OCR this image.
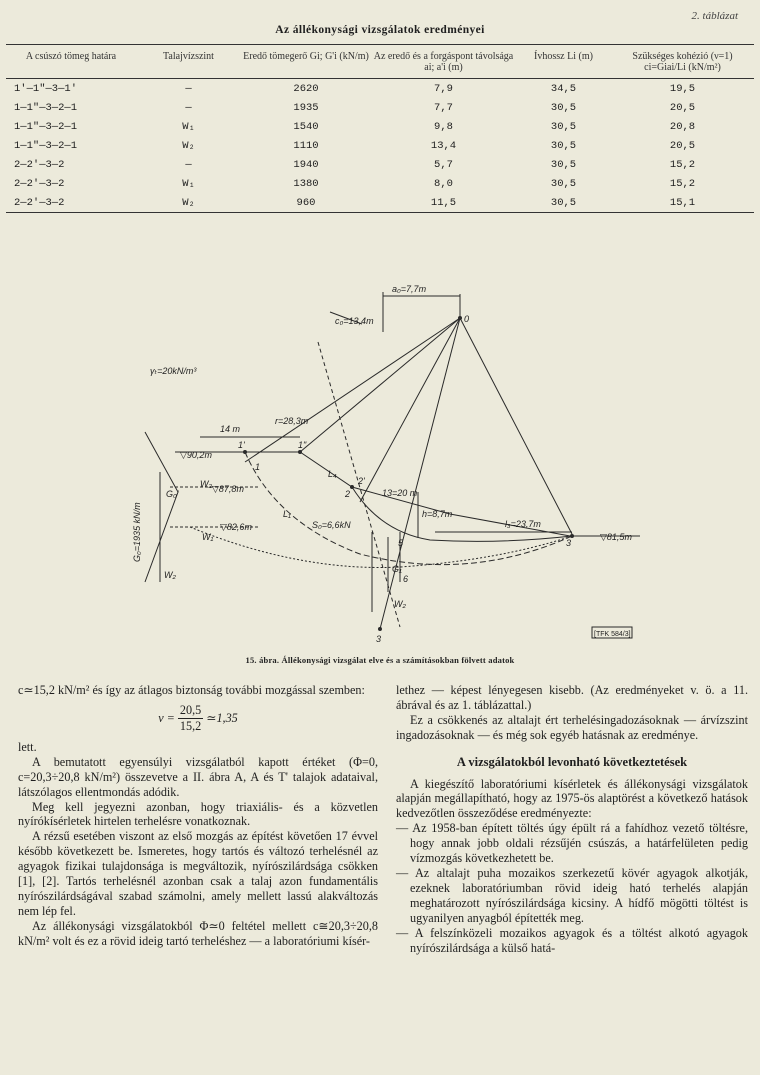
2. táblázat
Az állékonysági vizsgálatok eredményei
A csúszó tömeg határa	Talajvízszint	Eredő tömegerő Gi; G'i (kN/m)	Az eredő és a forgáspont távolsága ai; a'i (m)	Ívhossz Li (m)	Szükséges kohézió (ν=1) ci=Giai/Li (kN/m²)
1'—1"—3—1'	—	2620	7,9	34,5	19,5
1—1"—3—2—1	—	1935	7,7	30,5	20,5
1—1"—3—2—1	W₁	1540	9,8	30,5	20,8
1—1"—3—2—1	W₂	1110	13,4	30,5	20,5
2—2'—3—2	—	1940	5,7	30,5	15,2
2—2'—3—2	W₁	1380	8,0	30,5	15,2
2—2'—3—2	W₂	960	11,5	30,5	15,1
a₀=7,7m
c₀=13,4m
γₜ=20kN/m³
r=28,3m
14 m
▽90,2m
▽87,8m
▽82,6m
▽81,5m
h=8,7m
13=20 m
l₃=23,7m
S₀=6,6kN
L₁
L₄
1'	1"
1
2
2'
3
5
6
0
W₁
W₂
G₀'
G₁
W₂
3
W₂
G₀=1935 kN/m
[TFK 584/3]
15. ábra. Állékonysági vizsgálat elve és a számításokban fölvett adatok

c≃15,2 kN/m² és így az átlagos biztonság további mozgással szemben:

$\nu = \frac{20,5}{15,2}$ ≃1,35

lett.

A bemutatott egyensúlyi vizsgálatból kapott értéket (Φ=0, c=20,3÷20,8 kN/m²) összevetve a II. ábra A, A és T' talajok adataival, látszólagos ellentmondás adódik.

Meg kell jegyezni azonban, hogy triaxiális- és a közvetlen nyírókísérletek hirtelen terhelésre vonatkoznak.

A rézsű esetében viszont az első mozgás az építést követően 17 évvel később következett be. Ismeretes, hogy tartós és változó terhelésnél az agyagok fizikai tulajdonsága is megváltozik, nyírószilárdsága csökken [1], [2]. Tartós terhelésnél azonban csak a talaj azon fundamentális nyírószilárdságával szabad számolni, amely mellett lassú alakváltozás nem lép fel.

Az állékonysági vizsgálatokból Φ≃0 feltétel mellett c≅20,3÷20,8 kN/m² volt és ez a rövid ideig tartó terheléshez — a laboratóriumi kísér-

lethez — képest lényegesen kisebb. (Az eredményeket v. ö. a 11. ábrával és az 1. táblázattal.)

Ez a csökkenés az altalajt ért terhelésingadozásoknak — árvízszint ingadozásoknak — és még sok egyéb hatásnak az eredménye.

A vizsgálatokból levonható következtetések

A kiegészítő laboratóriumi kísérletek és állékonysági vizsgálatok alapján megállapítható, hogy az 1975-ös alaptörést a következő hatások kedvezőtlen összeződése eredményezte:

— Az 1958-ban épített töltés úgy épült rá a fahídhoz vezető töltésre, hogy annak jobb oldali rézsűjén csúszás, a határfelületen pedig vízmozgás következhetett be.

— Az altalajt puha mozaikos szerkezetű kövér agyagok alkotják, ezeknek laboratóriumban rövid ideig ható terhelés alapján meghatározott nyírószilárdsága kicsiny. A hídfő mögötti töltést is ugyanilyen anyagból építették meg.

— A felszínközeli mozaikos agyagok és a töltést alkotó agyagok nyírószilárdsága a külső hatá-
